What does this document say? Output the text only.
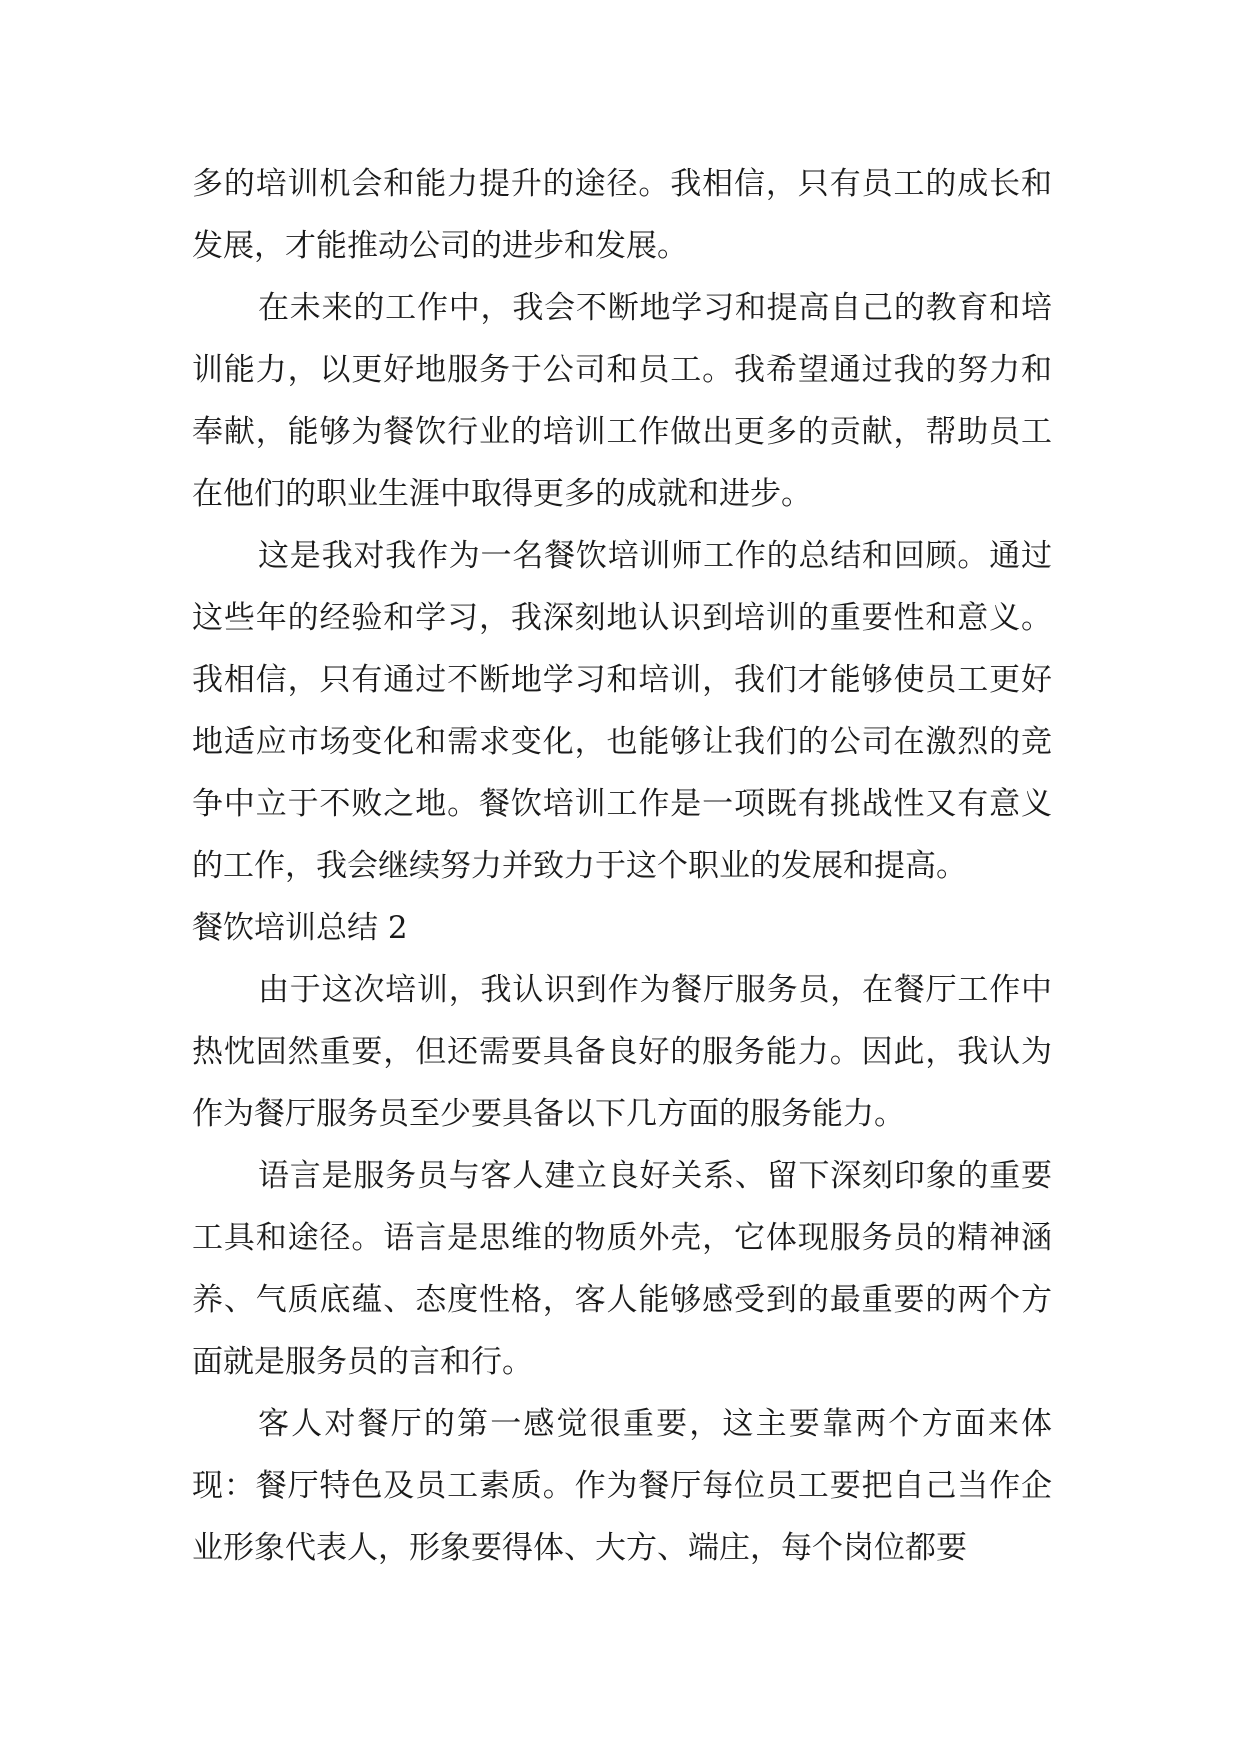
多的培训机会和能力提升的途径。我相信，只有员工的成长和发展，才能推动公司的进步和发展。

在未来的工作中，我会不断地学习和提高自己的教育和培训能力，以更好地服务于公司和员工。我希望通过我的努力和奉献，能够为餐饮行业的培训工作做出更多的贡献，帮助员工在他们的职业生涯中取得更多的成就和进步。

这是我对我作为一名餐饮培训师工作的总结和回顾。通过这些年的经验和学习，我深刻地认识到培训的重要性和意义。我相信，只有通过不断地学习和培训，我们才能够使员工更好地适应市场变化和需求变化，也能够让我们的公司在激烈的竞争中立于不败之地。餐饮培训工作是一项既有挑战性又有意义的工作，我会继续努力并致力于这个职业的发展和提高。

餐饮培训总结 2

由于这次培训，我认识到作为餐厅服务员，在餐厅工作中热忱固然重要，但还需要具备良好的服务能力。因此，我认为作为餐厅服务员至少要具备以下几方面的服务能力。

语言是服务员与客人建立良好关系、留下深刻印象的重要工具和途径。语言是思维的物质外壳，它体现服务员的精神涵养、气质底蕴、态度性格，客人能够感受到的最重要的两个方面就是服务员的言和行。

客人对餐厅的第一感觉很重要，这主要靠两个方面来体现：餐厅特色及员工素质。作为餐厅每位员工要把自己当作企业形象代表人，形象要得体、大方、端庄，每个岗位都要
